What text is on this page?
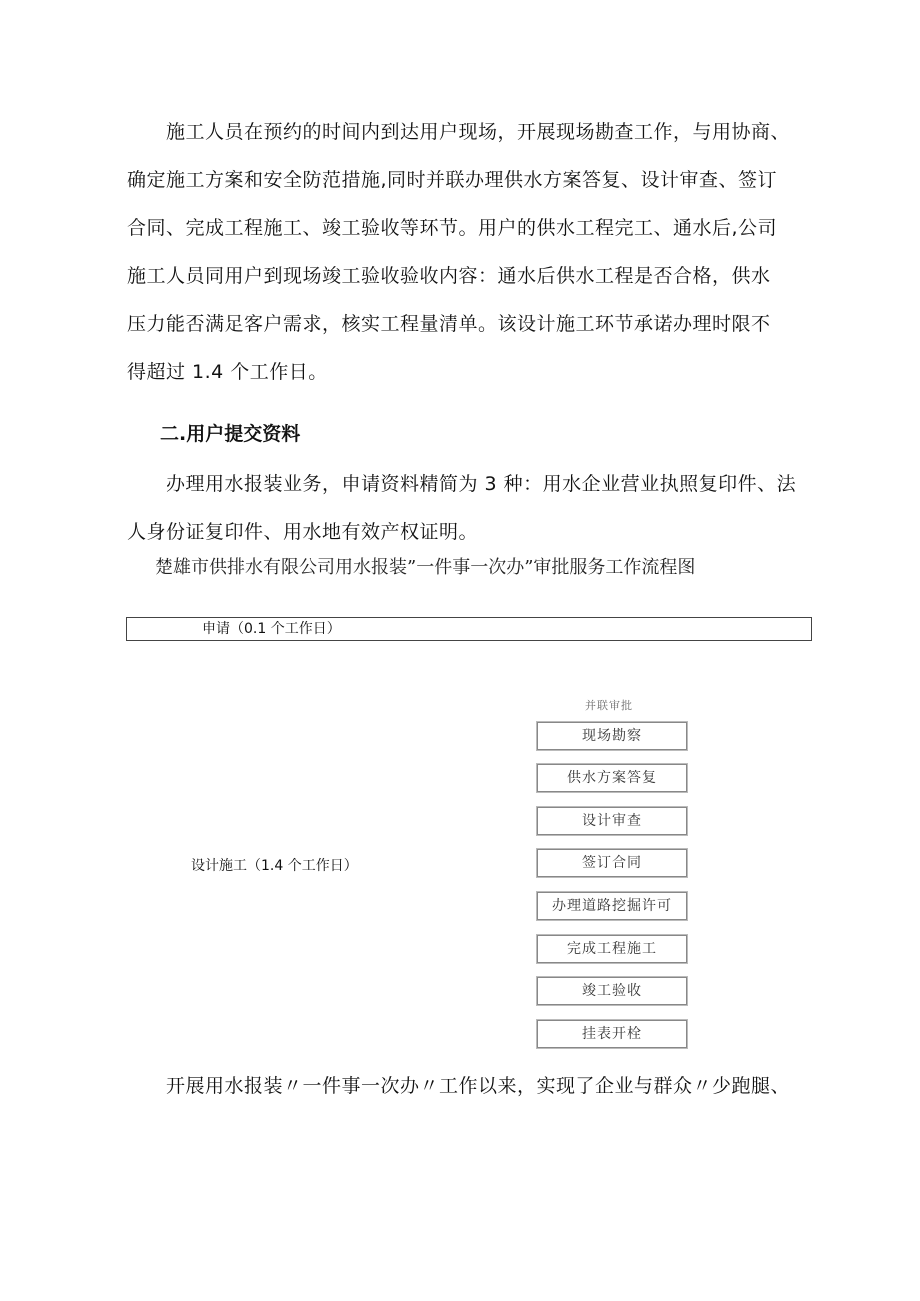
　　施工人员在预约的时间内到达用户现场，开展现场勘查工作，与用协商、
确定施工方案和安全防范措施,同时并联办理供水方案答复、设计审查、签订
合同、完成工程施工、竣工验收等环节。用户的供水工程完工、通水后,公司
施工人员同用户到现场竣工验收验收内容：通水后供水工程是否合格，供水
压力能否满足客户需求，核实工程量清单。该设计施工环节承诺办理时限不
得超过 1.4 个工作日。
二.用户提交资料
　　办理用水报装业务，申请资料精简为 3 种：用水企业营业执照复印件、法
人身份证复印件、用水地有效产权证明。
楚雄市供排水有限公司用水报装”一件事一次办”审批服务工作流程图
申请（0.1 个工作日）
设计施工（1.4 个工作日）
并联审批
现场勘察
供水方案答复
设计审查
签订合同
办理道路挖掘许可
完成工程施工
竣工验收
挂表开栓
　　开展用水报装〃一件事一次办〃工作以来，实现了企业与群众〃少跑腿、
